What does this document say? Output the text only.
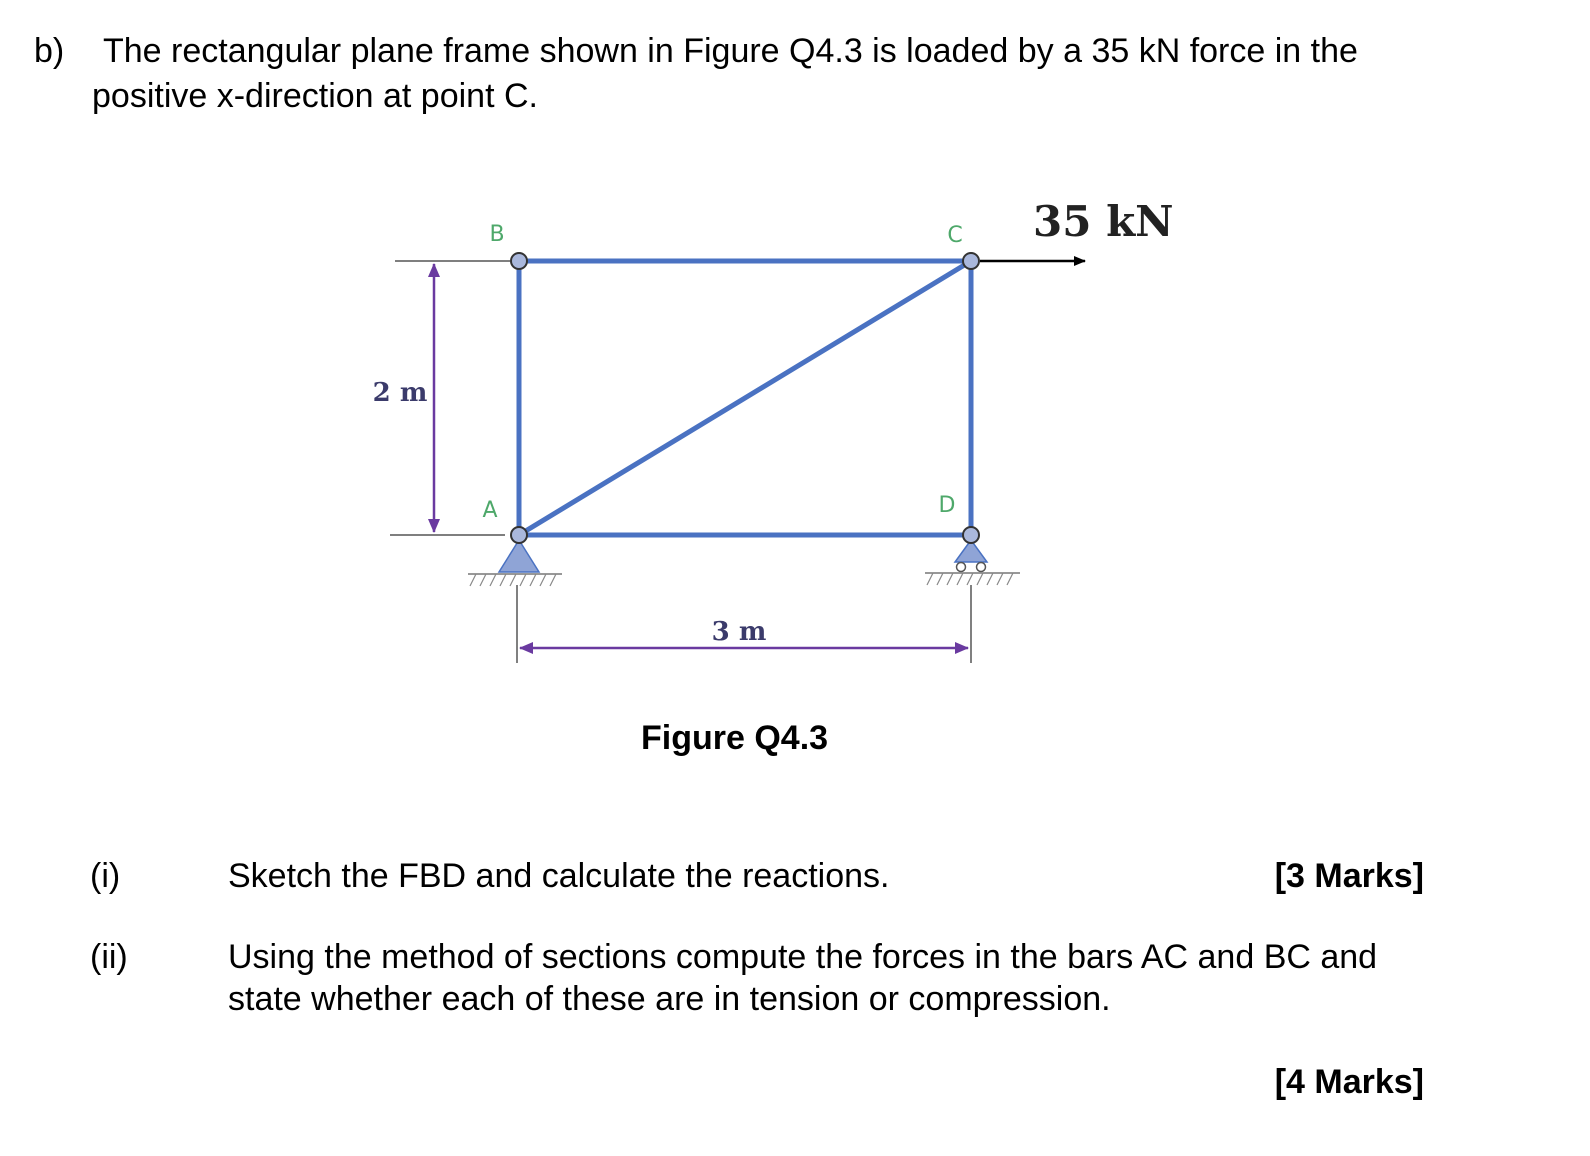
b) The rectangular plane frame shown in Figure Q4.3 is loaded by a 35 kN force in the
positive x-direction at point C.
2 m
35 kN
B	C
A	D
3 m
Figure Q4.3
(i)	Sketch the FBD and calculate the reactions.	[3 Marks]
(ii)	Using the method of sections compute the forces in the bars AC and BC and
state whether each of these are in tension or compression.
[4 Marks]
